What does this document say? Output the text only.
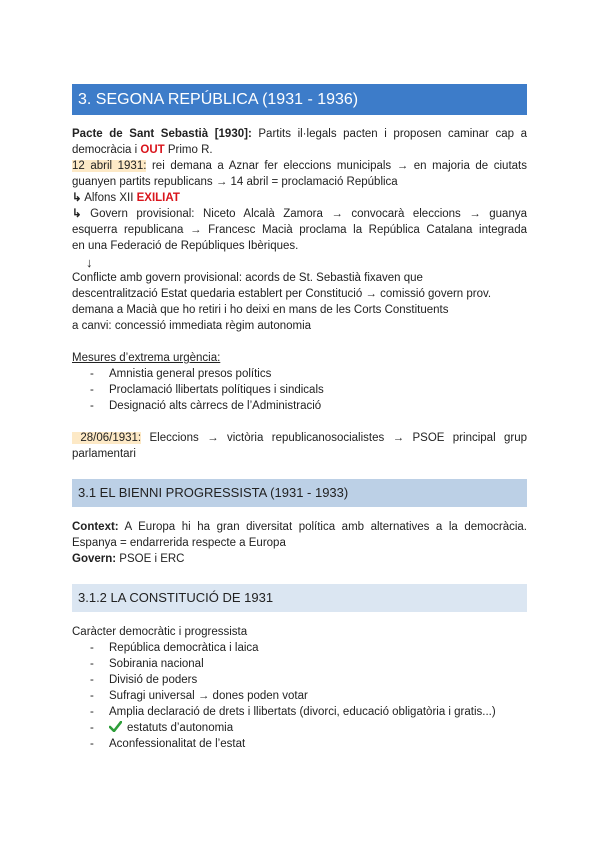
3. SEGONA REPÚBLICA (1931 - 1936)
Pacte de Sant Sebastià [1930]: Partits il·legals pacten i proposen caminar cap a
democràcia i OUT Primo R.
12 abril 1931: rei demana a Aznar fer eleccions municipals → en majoria de ciutats
guanyen partits republicans → 14 abril = proclamació República
↳ Alfons XII EXILIAT
↳ Govern provisional: Niceto Alcalà Zamora → convocarà eleccions → guanya
esquerra republicana → Francesc Macià proclama la República Catalana integrada
en una Federació de Repúbliques Ibèriques.
↓
Conflicte amb govern provisional: acords de St. Sebastià fixaven que
descentralització Estat quedaria establert per Constitució → comissió govern prov.
demana a Macià que ho retiri i ho deixi en mans de les Corts Constituents
a canvi: concessió immediata règim autonomia
Mesures d’extrema urgència:
- Amnistia general presos polítics
- Proclamació llibertats polítiques i sindicals
- Designació alts càrrecs de l’Administració
28/06/1931: Eleccions → victòria republicanosocialistes → PSOE principal grup
parlamentari
3.1 EL BIENNI PROGRESSISTA (1931 - 1933)
Context: A Europa hi ha gran diversitat política amb alternatives a la democràcia.
Espanya = endarrerida respecte a Europa
Govern: PSOE i ERC
3.1.2 LA CONSTITUCIÓ DE 1931
Caràcter democràtic i progressista
- República democràtica i laica
- Sobirania nacional
- Divisió de poders
- Sufragi universal → dones poden votar
- Amplia declaració de drets i llibertats (divorci, educació obligatòria i gratis...)
-	estatuts d’autonomia
- Aconfessionalitat de l’estat
